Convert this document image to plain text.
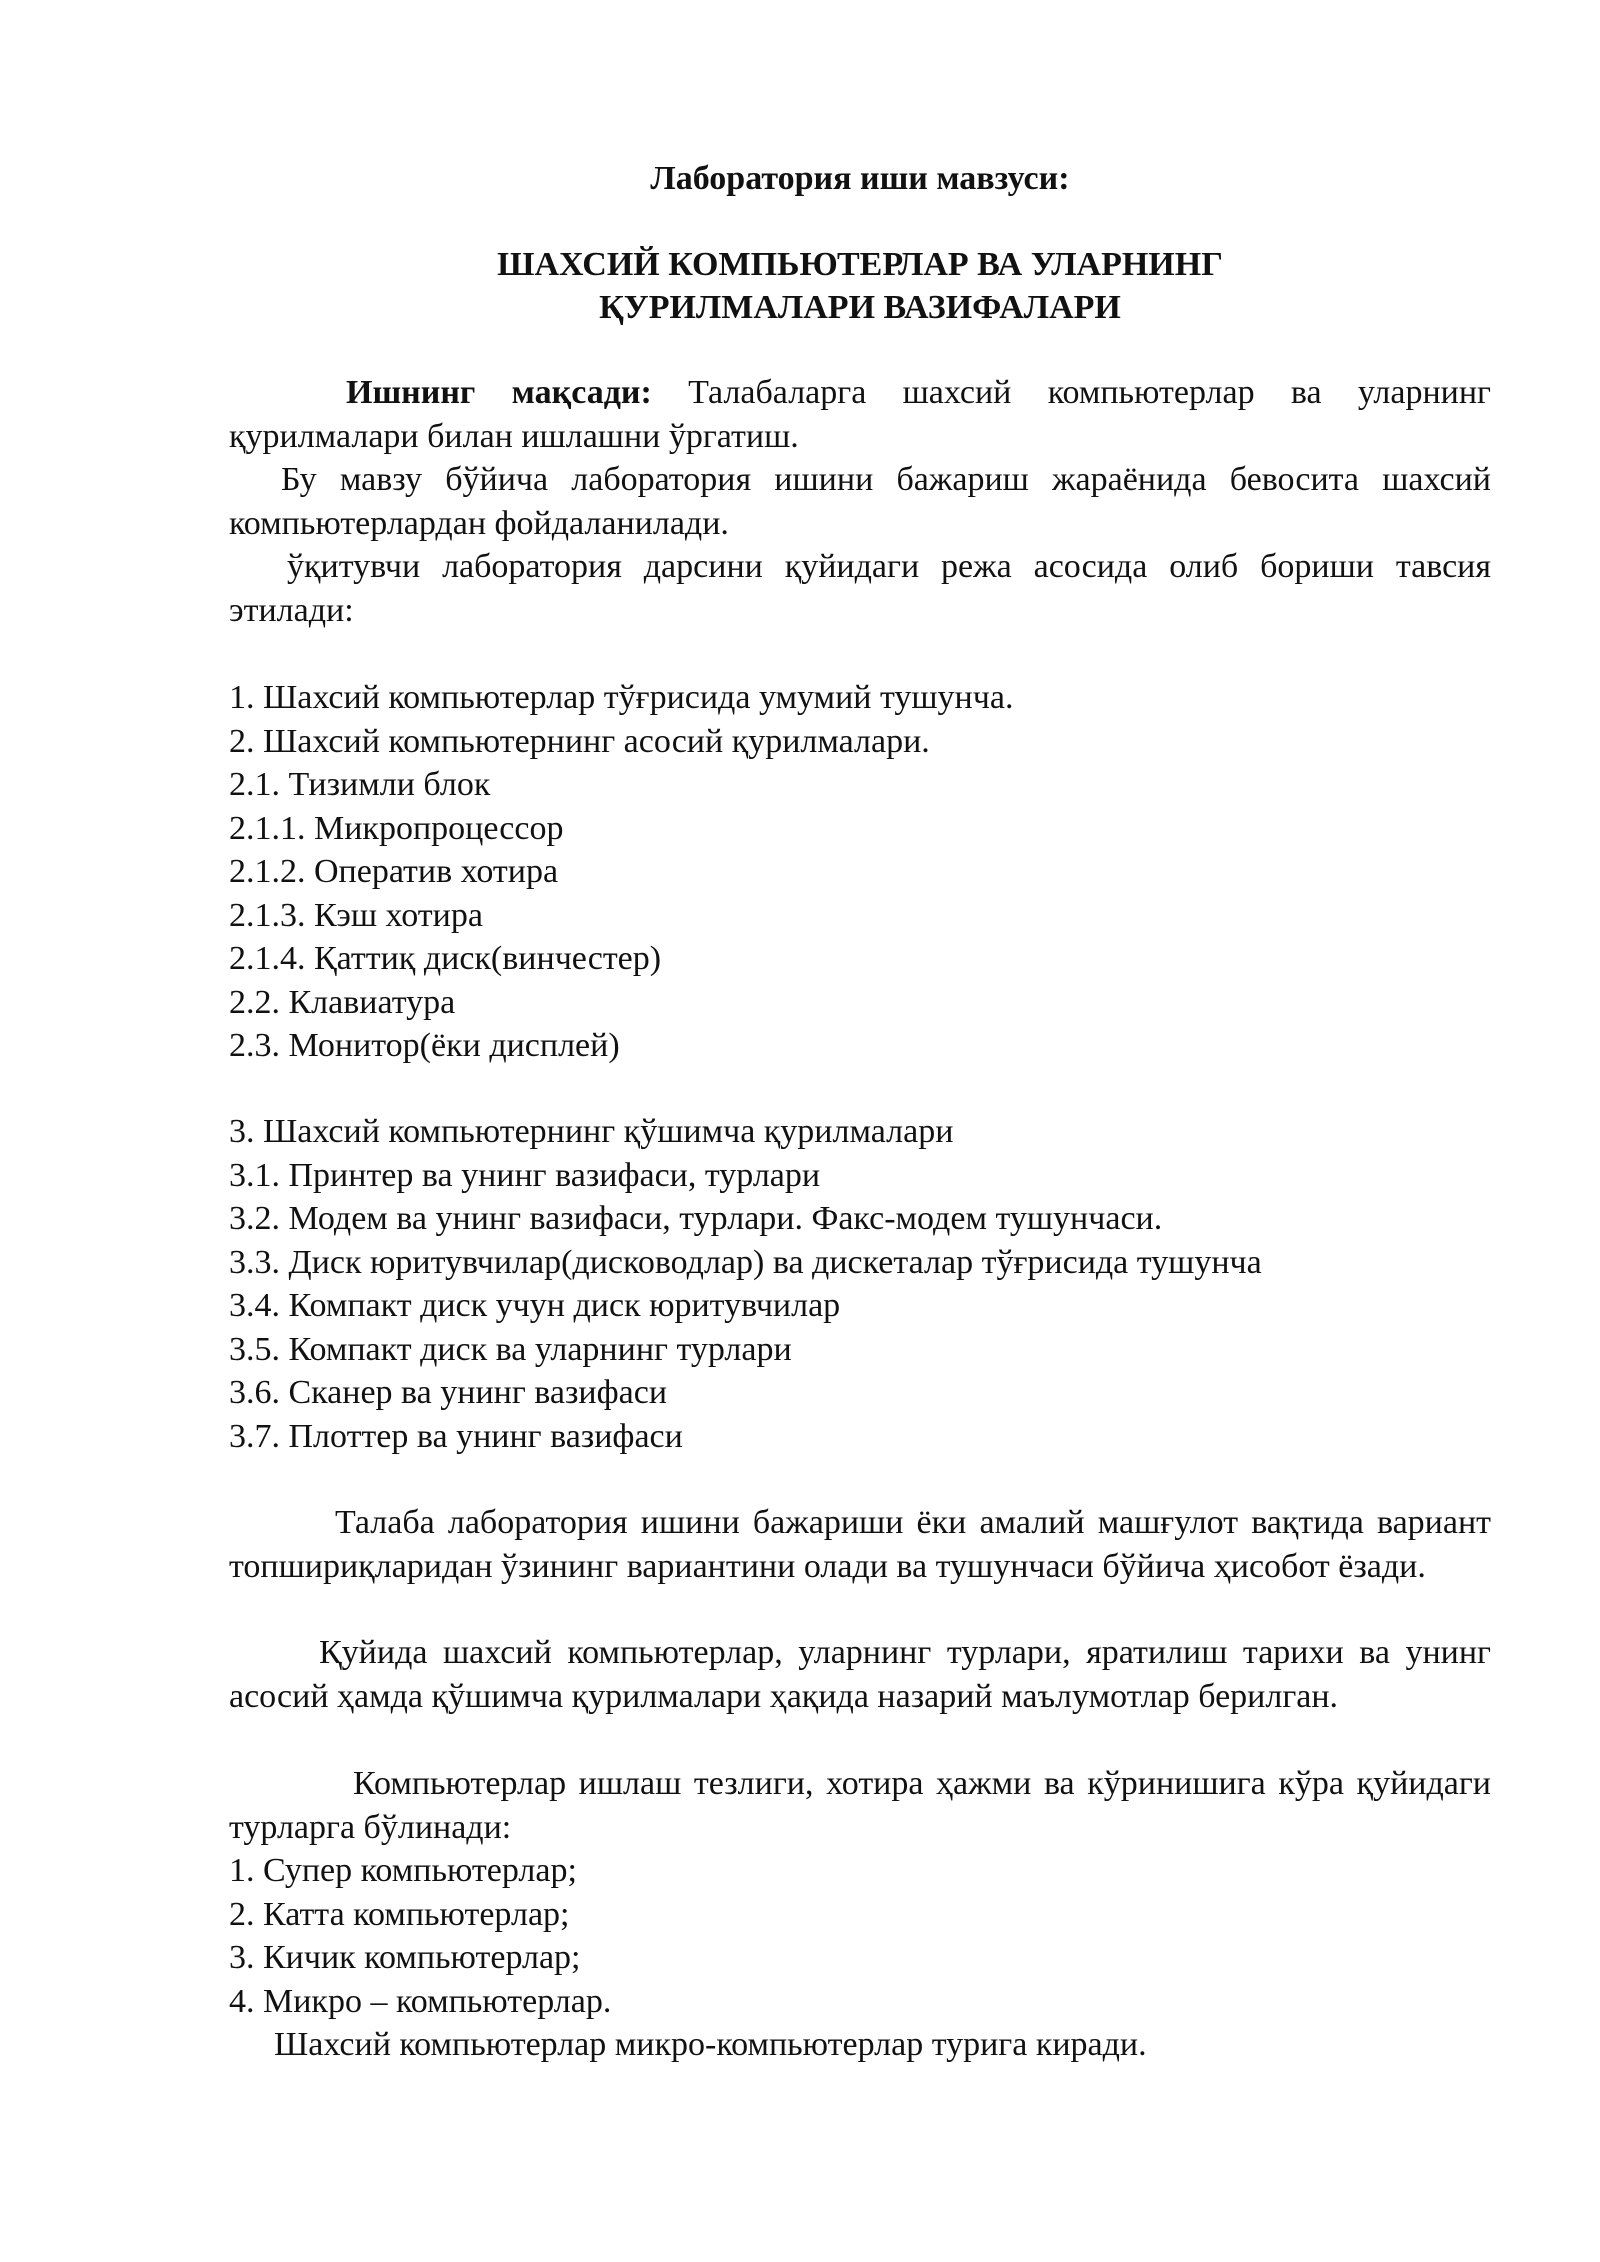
Лаборатория иши мавзуси:
ШАХСИЙ КОМПЬЮТЕРЛАР ВА УЛАРНИНГ
ҚУРИЛМАЛАРИ ВАЗИФАЛАРИ
Ишнинг мақсади: Талабаларга шахсий компьютерлар ва уларнинг қурилмалари билан ишлашни ўргатиш.
Бу мавзу бўйича лаборатория ишини бажариш жараёнида бевосита шахсий компьютерлардан фойдаланилади.
ўқитувчи лаборатория дарсини қуйидаги режа асосида олиб бориши тавсия этилади:
1. Шахсий компьютерлар тўғрисида умумий тушунча.
2. Шахсий компьютернинг асосий қурилмалари.
2.1. Тизимли блок
2.1.1. Микропроцессор
2.1.2. Оператив хотира
2.1.3. Кэш хотира
2.1.4. Қаттиқ диск(винчестер)
2.2. Клавиатура
2.3. Монитор(ёки дисплей)
3. Шахсий компьютернинг қўшимча қурилмалари
3.1. Принтер ва унинг вазифаси, турлари
3.2. Модем ва унинг вазифаси, турлари. Факс-модем тушунчаси.
3.3. Диск юритувчилар(дисководлар) ва дискеталар тўғрисида тушунча
3.4. Компакт диск учун диск юритувчилар
3.5. Компакт диск ва уларнинг турлари
3.6. Сканер ва унинг вазифаси
3.7. Плоттер ва унинг вазифаси
Талаба лаборатория ишини бажариши ёки амалий машғулот вақтида вариант топшириқларидан ўзининг вариантини олади ва тушунчаси бўйича ҳисобот ёзади.
Қуйида шахсий компьютерлар, уларнинг турлари, яратилиш тарихи ва унинг асосий ҳамда қўшимча қурилмалари ҳақида назарий маълумотлар берилган.
Компьютерлар ишлаш тезлиги, хотира ҳажми ва кўринишига кўра қуйидаги турларга бўлинади:
1. Супер компьютерлар;
2. Катта компьютерлар;
3. Кичик компьютерлар;
4. Микро – компьютерлар.
Шахсий компьютерлар микро-компьютерлар турига киради.
